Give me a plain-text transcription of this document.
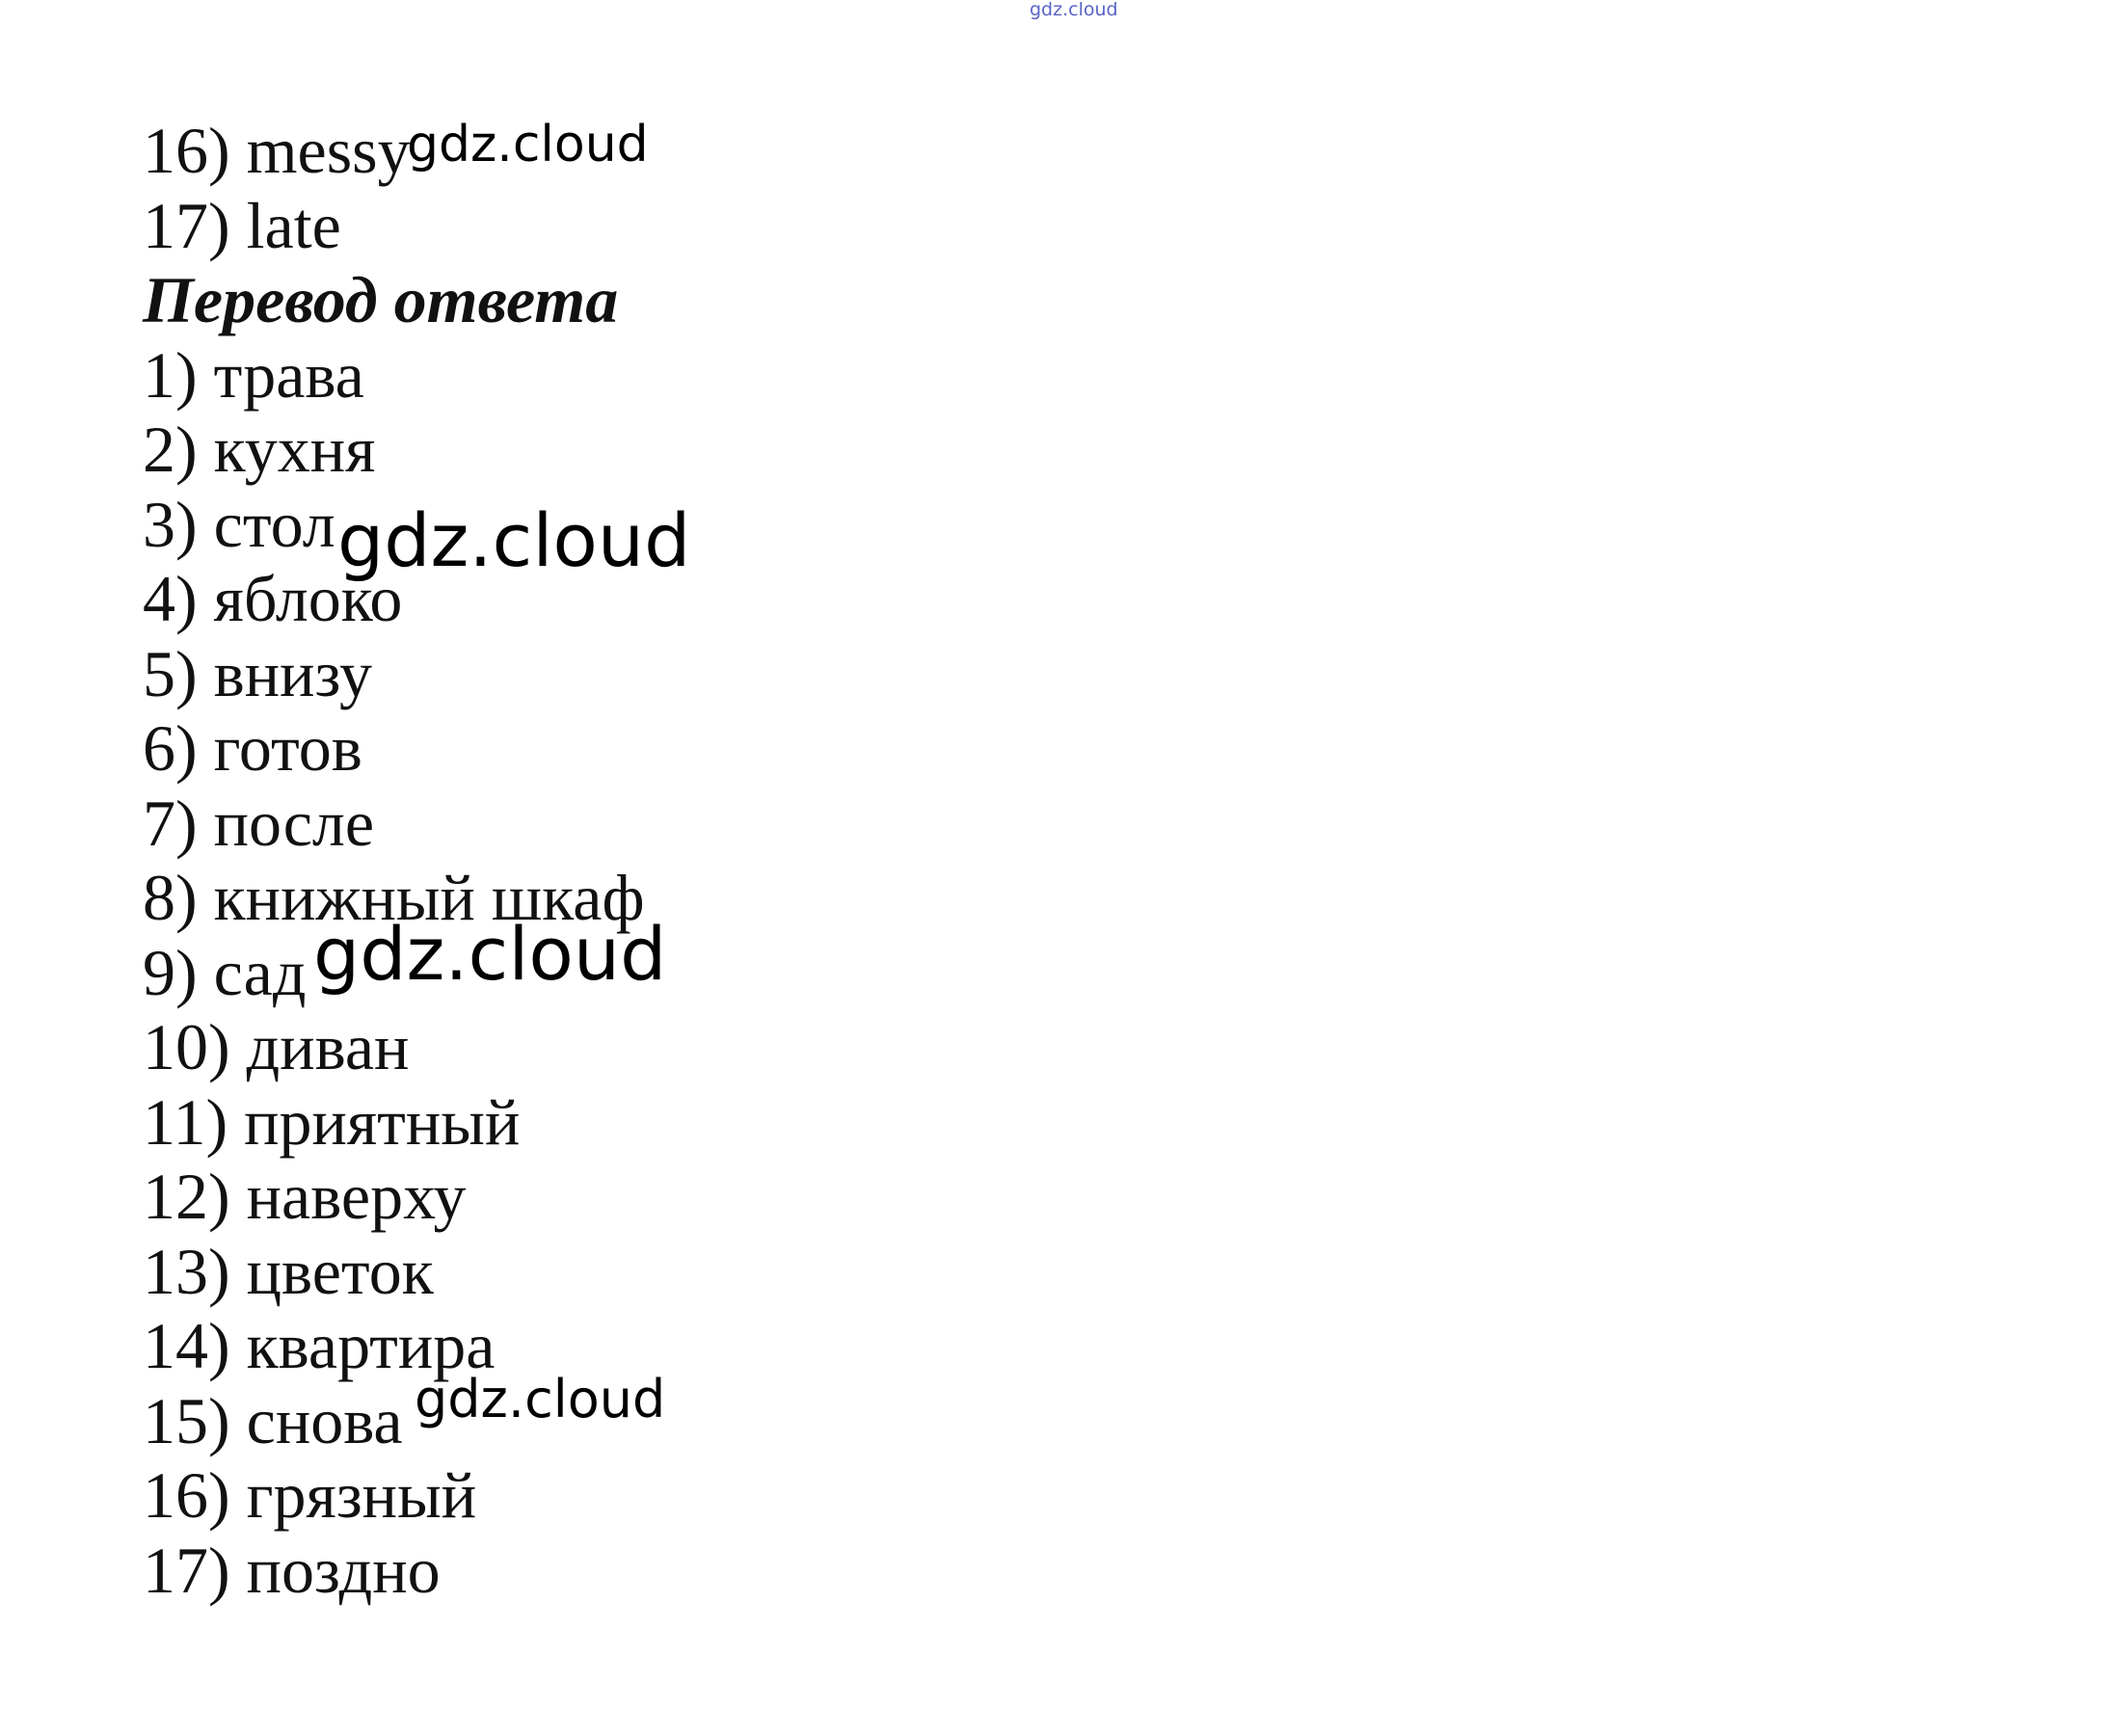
gdz.cloud
16) messy
17) late
Перевод ответа
1) трава
2) кухня
3) стол
4) яблоко
5) внизу
6) готов
7) после
8) книжный шкаф
9) сад
10) диван
11) приятный
12) наверху
13) цветок
14) квартира
15) снова
16) грязный
17) поздно
gdz.cloud
gdz.cloud
gdz.cloud
gdz.cloud
